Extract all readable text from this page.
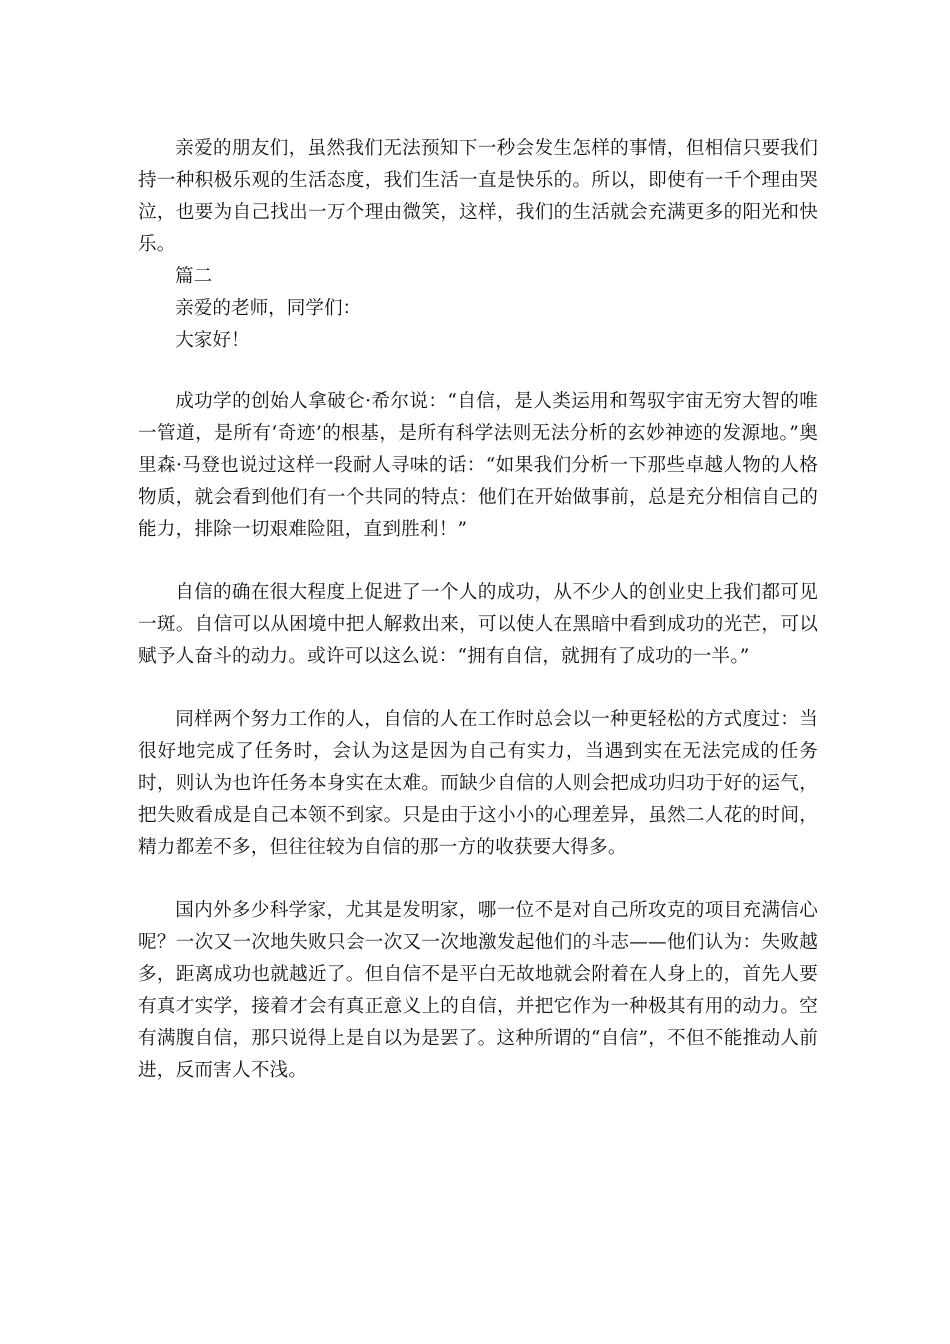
亲爱的朋友们，虽然我们无法预知下一秒会发生怎样的事情，但相信只要我们持一种积极乐观的生活态度，我们生活一直是快乐的。所以，即使有一千个理由哭泣，也要为自己找出一万个理由微笑，这样，我们的生活就会充满更多的阳光和快乐。

篇二

亲爱的老师，同学们：

大家好！

成功学的创始人拿破仑·希尔说：“自信，是人类运用和驾驭宇宙无穷大智的唯一管道，是所有‘奇迹’的根基，是所有科学法则无法分析的玄妙神迹的发源地。”奥里森·马登也说过这样一段耐人寻味的话：“如果我们分析一下那些卓越人物的人格物质，就会看到他们有一个共同的特点：他们在开始做事前，总是充分相信自己的能力，排除一切艰难险阻，直到胜利！”

自信的确在很大程度上促进了一个人的成功，从不少人的创业史上我们都可见一斑。自信可以从困境中把人解救出来，可以使人在黑暗中看到成功的光芒，可以赋予人奋斗的动力。或许可以这么说：“拥有自信，就拥有了成功的一半。”

同样两个努力工作的人，自信的人在工作时总会以一种更轻松的方式度过：当很好地完成了任务时，会认为这是因为自己有实力，当遇到实在无法完成的任务时，则认为也许任务本身实在太难。而缺少自信的人则会把成功归功于好的运气，把失败看成是自己本领不到家。只是由于这小小的心理差异，虽然二人花的时间，精力都差不多，但往往较为自信的那一方的收获要大得多。

国内外多少科学家，尤其是发明家，哪一位不是对自己所攻克的项目充满信心呢？一次又一次地失败只会一次又一次地激发起他们的斗志——他们认为：失败越多，距离成功也就越近了。但自信不是平白无故地就会附着在人身上的，首先人要有真才实学，接着才会有真正意义上的自信，并把它作为一种极其有用的动力。空有满腹自信，那只说得上是自以为是罢了。这种所谓的“自信”，不但不能推动人前进，反而害人不浅。
